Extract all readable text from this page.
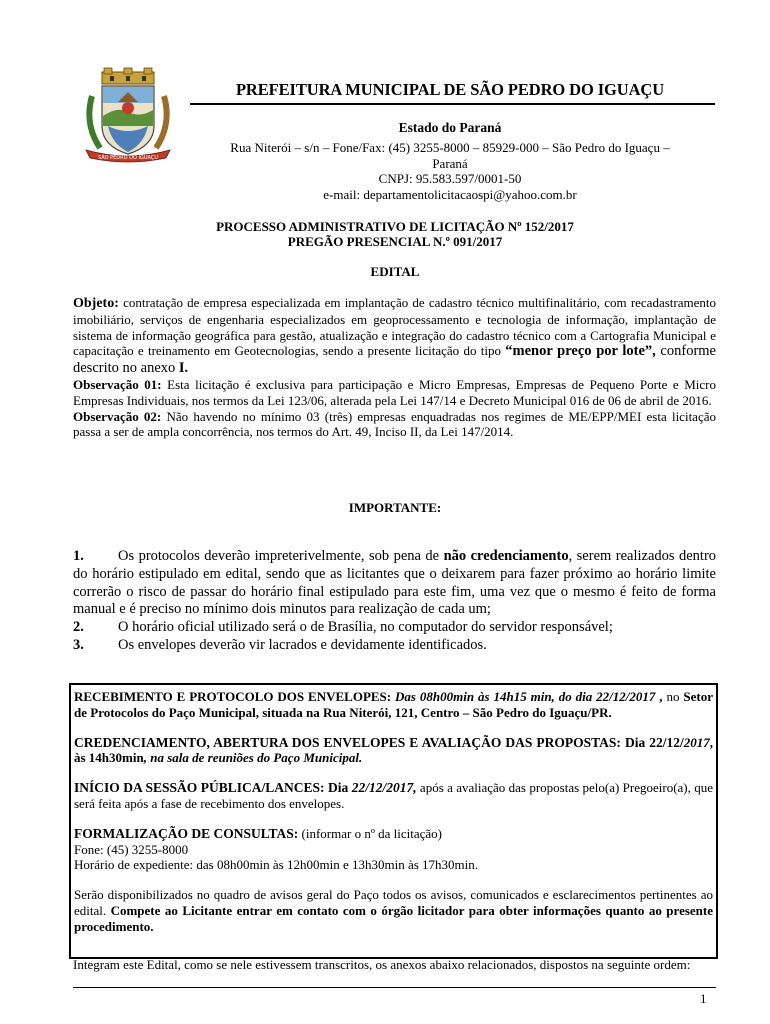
SÃO PEDRO DO IGUAÇU
PREFEITURA MUNICIPAL DE SÃO PEDRO DO IGUAÇU
Estado do Paraná
Rua Niterói – s/n – Fone/Fax: (45) 3255-8000 – 85929-000 – São Pedro do Iguaçu –
Paraná
CNPJ: 95.583.597/0001-50
e-mail: departamentolicitacaospi@yahoo.com.br
PROCESSO ADMINISTRATIVO DE LICITAÇÃO Nº 152/2017
PREGÃO PRESENCIAL N.º 091/2017
EDITAL

Objeto: contratação de empresa especializada em implantação de cadastro técnico multifinalitário, com recadastramento imobiliário, serviços de engenharia especializados em geoprocessamento e tecnologia de informação, implantação de sistema de informação geográfica para gestão, atualização e integração do cadastro técnico com a Cartografia Municipal e capacitação e treinamento em Geotecnologias, sendo a presente licitação do tipo “menor preço por lote”, conforme descrito no anexo I.

Observação 01: Esta licitação é exclusiva para participação e Micro Empresas, Empresas de Pequeno Porte e Micro Empresas Individuais, nos termos da Lei 123/06, alterada pela Lei 147/14 e Decreto Municipal 016 de 06 de abril de 2016.

Observação 02: Não havendo no mínimo 03 (três) empresas enquadradas nos regimes de ME/EPP/MEI esta licitação passa a ser de ampla concorrência, nos termos do Art. 49, Inciso II, da Lei 147/2014.

IMPORTANTE:

1. Os protocolos deverão impreterivelmente, sob pena de não credenciamento, serem realizados dentro do horário estipulado em edital, sendo que as licitantes que o deixarem para fazer próximo ao horário limite correrão o risco de passar do horário final estipulado para este fim, uma vez que o mesmo é feito de forma manual e é preciso no mínimo dois minutos para realização de cada um;

2. O horário oficial utilizado será o de Brasília, no computador do servidor responsável;

3. Os envelopes deverão vir lacrados e devidamente identificados.

RECEBIMENTO E PROTOCOLO DOS ENVELOPES: Das 08h00min às 14h15 min, do dia 22/12/2017 , no Setor de Protocolos do Paço Municipal, situada na Rua Niterói, 121, Centro – São Pedro do Iguaçu/PR.

CREDENCIAMENTO, ABERTURA DOS ENVELOPES E AVALIAÇÃO DAS PROPOSTAS: Dia 22/12/2017, às 14h30min, na sala de reuniões do Paço Municipal.

INÍCIO DA SESSÃO PÚBLICA/LANCES: Dia 22/12/2017, após a avaliação das propostas pelo(a) Pregoeiro(a), que será feita após a fase de recebimento dos envelopes.

FORMALIZAÇÃO DE CONSULTAS: (informar o nº da licitação)

Fone: (45) 3255-8000

Horário de expediente: das 08h00min às 12h00min e 13h30min às 17h30min.

Serão disponibilizados no quadro de avisos geral do Paço todos os avisos, comunicados e esclarecimentos pertinentes ao edital. Compete ao Licitante entrar em contato com o órgão licitador para obter informações quanto ao presente procedimento.

Integram este Edital, como se nele estivessem transcritos, os anexos abaixo relacionados, dispostos na seguinte ordem:
1
